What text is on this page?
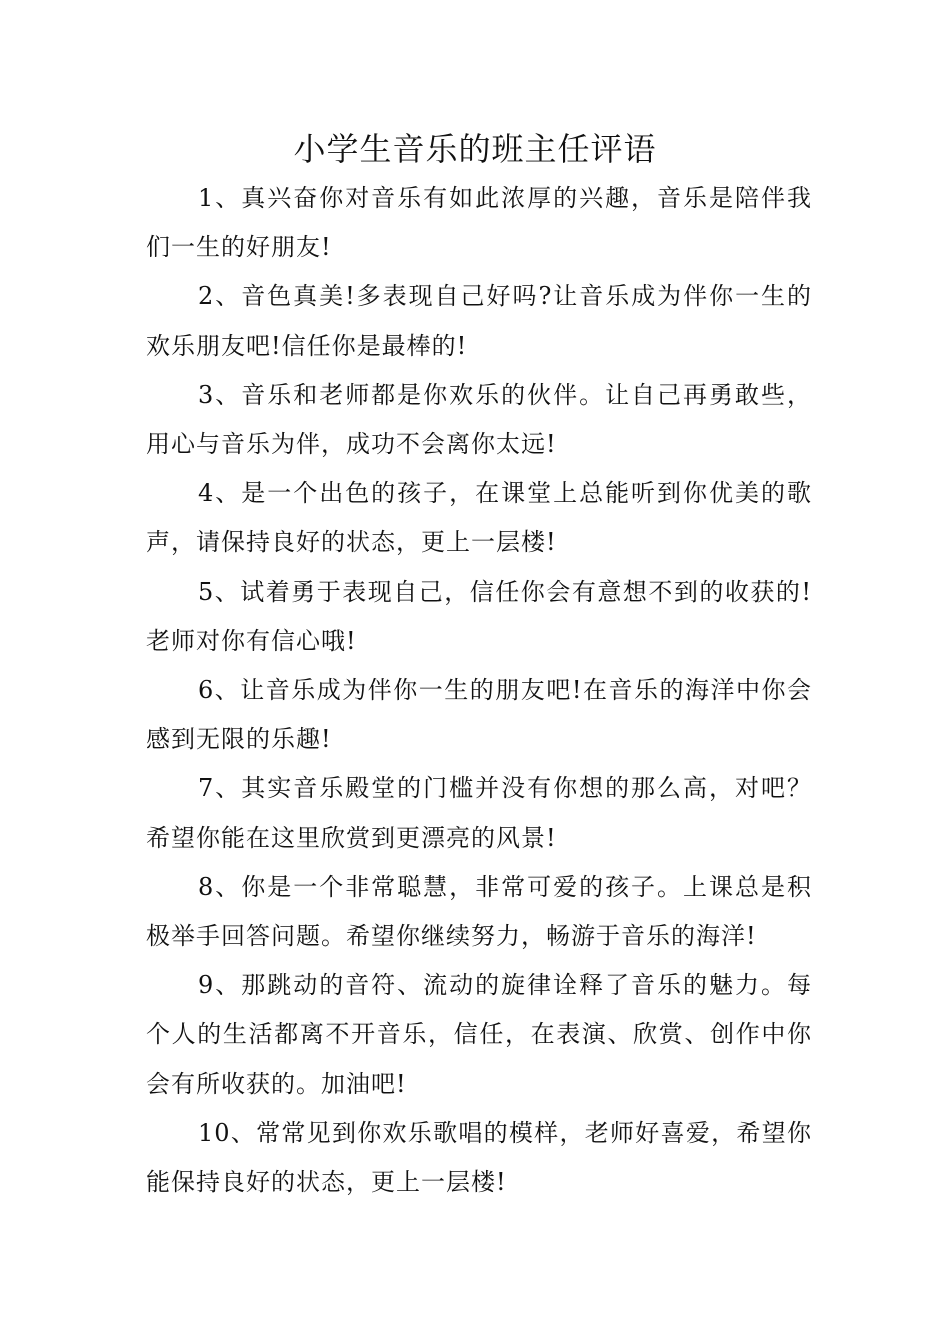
小学生音乐的班主任评语

1、真兴奋你对音乐有如此浓厚的兴趣，音乐是陪伴我们一生的好朋友!

2、音色真美!多表现自己好吗?让音乐成为伴你一生的欢乐朋友吧!信任你是最棒的!

3、音乐和老师都是你欢乐的伙伴。让自己再勇敢些，用心与音乐为伴，成功不会离你太远!

4、是一个出色的孩子，在课堂上总能听到你优美的歌声，请保持良好的状态，更上一层楼!

5、试着勇于表现自己，信任你会有意想不到的收获的!老师对你有信心哦!

6、让音乐成为伴你一生的朋友吧!在音乐的海洋中你会感到无限的乐趣!

7、其实音乐殿堂的门槛并没有你想的那么高，对吧？希望你能在这里欣赏到更漂亮的风景!

8、你是一个非常聪慧，非常可爱的孩子。上课总是积极举手回答问题。希望你继续努力，畅游于音乐的海洋!

9、那跳动的音符、流动的旋律诠释了音乐的魅力。每个人的生活都离不开音乐，信任，在表演、欣赏、创作中你会有所收获的。加油吧!

10、常常见到你欢乐歌唱的模样，老师好喜爱，希望你能保持良好的状态，更上一层楼!
